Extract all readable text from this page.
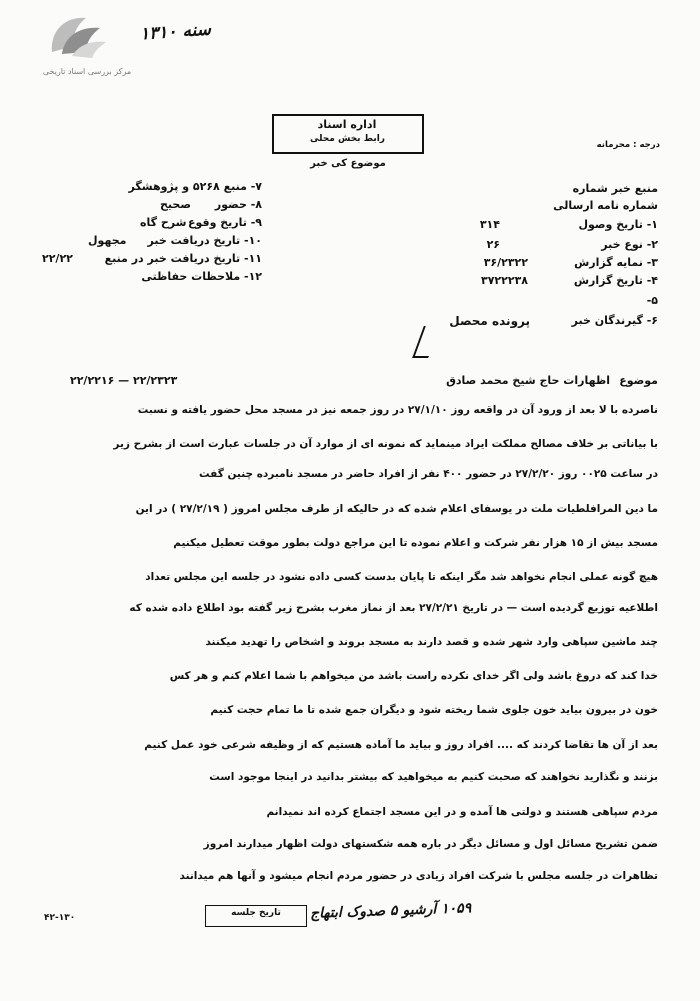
مرکز بررسی اسناد تاریخی
سنه ۱۳۱۰
درجه : محرمانه
اداره اسناد
رابط بخش محلی
موضوع کی خبر
منبع خبر شماره
شماره نامه ارسالی
۱- تاریخ وصول
۲- نوع خبر
۳- نمایه گزارش
۴- تاریخ گزارش
۵-
۶- گیرندگان خبر
۳۱۴
۲۶
۳۶/۲۳۲۲
۳۷۲۲۲۳۸
پرونده محصل
۷- منبع ۵۲۶۸ و پژوهشگر
۸- حضور
۹- تاریخ وقوع
۱۰- تاریخ دریافت خبر
۱۱- تاریخ دریافت خبر در منبع
۱۲- ملاحظات حفاظتی
صحیح
شرح گاه
مجهول
۲۲/۲۲
موضوع
اظهارات حاج شیخ محمد صادق
۲۲/۲۳۲۳ — ۲۲/۲۲۱۶
ناصرده با لا بعد از ورود آن در واقعه روز ۲۷/۱/۱۰ در روز جمعه نیز در مسجد محل حضور یافته و نسبت
با بیاناتی بر خلاف مصالح مملکت ایراد مینماید که نمونه ای از موارد آن در جلسات عبارت است از بشرح زیر
در ساعت ۰۰۲۵ روز ۲۷/۲/۲۰ در حضور ۴۰۰ نفر از افراد حاضر در مسجد نامبرده چنین گفت
ما دین المرافلطیات ملت در یوسفای اعلام شده که در حالیکه از طرف مجلس امروز ( ۲۷/۲/۱۹ ) در این
مسجد بیش از ۱۵ هزار نفر شرکت و اعلام نموده تا این مراجع دولت بطور موقت تعطیل میکنیم
هیچ گونه عملی انجام نخواهد شد مگر اینکه تا پایان بدست کسی داده نشود در جلسه این مجلس تعداد
اطلاعیه توزیع گردیده است — در تاریخ ۲۷/۲/۲۱ بعد از نماز مغرب بشرح زیر گفته بود اطلاع داده شده که
چند ماشین سپاهی وارد شهر شده و قصد دارند به مسجد بروند و اشخاص را تهدید میکنند
خدا کند که دروغ باشد ولی اگر خدای نکرده راست باشد من میخواهم با شما اعلام کنم و هر کس
خون در بیرون بیاید خون جلوی شما ریخته شود و دیگران جمع شده تا ما تمام حجت کنیم
بعد از آن ها تقاضا کردند که .... افراد روز و بیاید ما آماده هستیم که از وظیفه شرعی خود عمل کنیم
بزنند و نگذارید نخواهند که صحبت کنیم به میخواهید که بیشتر بدانید در اینجا موجود است
مردم سپاهی هستند و دولتی ها آمده و در این مسجد اجتماع کرده اند نمیدانم
ضمن تشریح مسائل اول و مسائل دیگر در باره همه شکستهای دولت اظهار میدارند امروز
تظاهرات در جلسه مجلس با شرکت افراد زیادی در حضور مردم انجام میشود و آنها هم میدانند
تاریخ جلسه	۱۰۵۹ آرشیو ۵ صدوک ابتهاج
۴۲-۱۳۰
